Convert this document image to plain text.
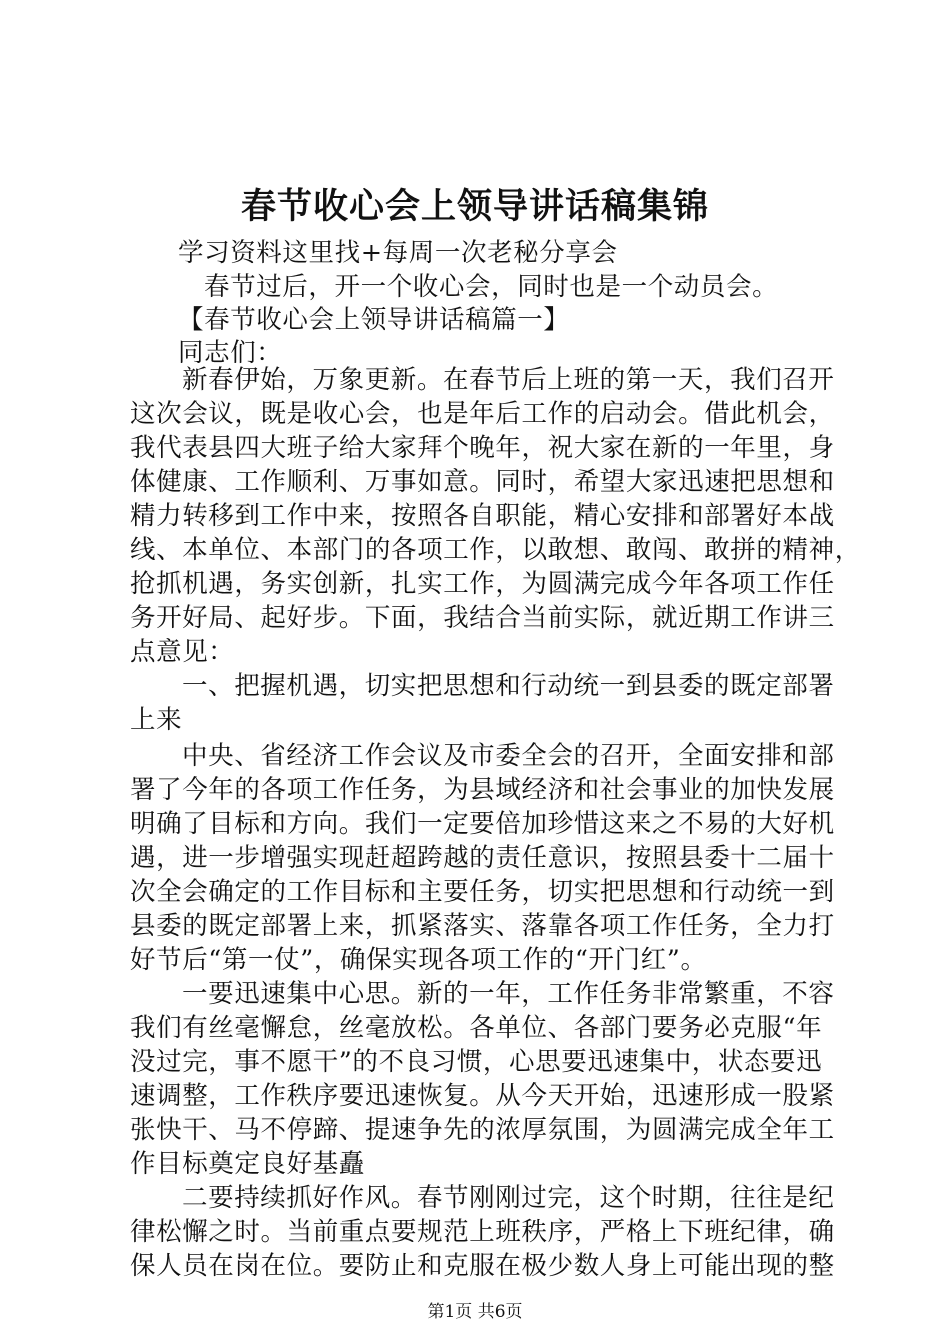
春节收心会上领导讲话稿集锦
学习资料这里找+每周一次老秘分享会
春节过后，开一个收心会，同时也是一个动员会。
【春节收心会上领导讲话稿篇一】
同志们：
新春伊始，万象更新。在春节后上班的第一天，我们召开
这次会议，既是收心会，也是年后工作的启动会。借此机会，
我代表县四大班子给大家拜个晚年，祝大家在新的一年里，身
体健康、工作顺利、万事如意。同时，希望大家迅速把思想和
精力转移到工作中来，按照各自职能，精心安排和部署好本战
线、本单位、本部门的各项工作，以敢想、敢闯、敢拼的精神，
抢抓机遇，务实创新，扎实工作，为圆满完成今年各项工作任
务开好局、起好步。下面，我结合当前实际，就近期工作讲三
点意见：
一、把握机遇，切实把思想和行动统一到县委的既定部署
上来
中央、省经济工作会议及市委全会的召开，全面安排和部
署了今年的各项工作任务，为县域经济和社会事业的加快发展
明确了目标和方向。我们一定要倍加珍惜这来之不易的大好机
遇，进一步增强实现赶超跨越的责任意识，按照县委十二届十
次全会确定的工作目标和主要任务，切实把思想和行动统一到
县委的既定部署上来，抓紧落实、落靠各项工作任务，全力打
好节后“第一仗”，确保实现各项工作的“开门红”。
一要迅速集中心思。新的一年，工作任务非常繁重，不容
我们有丝毫懈怠，丝毫放松。各单位、各部门要务必克服“年
没过完，事不愿干”的不良习惯，心思要迅速集中，状态要迅
速调整，工作秩序要迅速恢复。从今天开始，迅速形成一股紧
张快干、马不停蹄、提速争先的浓厚氛围，为圆满完成全年工
作目标奠定良好基矗
二要持续抓好作风。春节刚刚过完，这个时期，往往是纪
律松懈之时。当前重点要规范上班秩序，严格上下班纪律，确
保人员在岗在位。要防止和克服在极少数人身上可能出现的整
第1页 共6页
